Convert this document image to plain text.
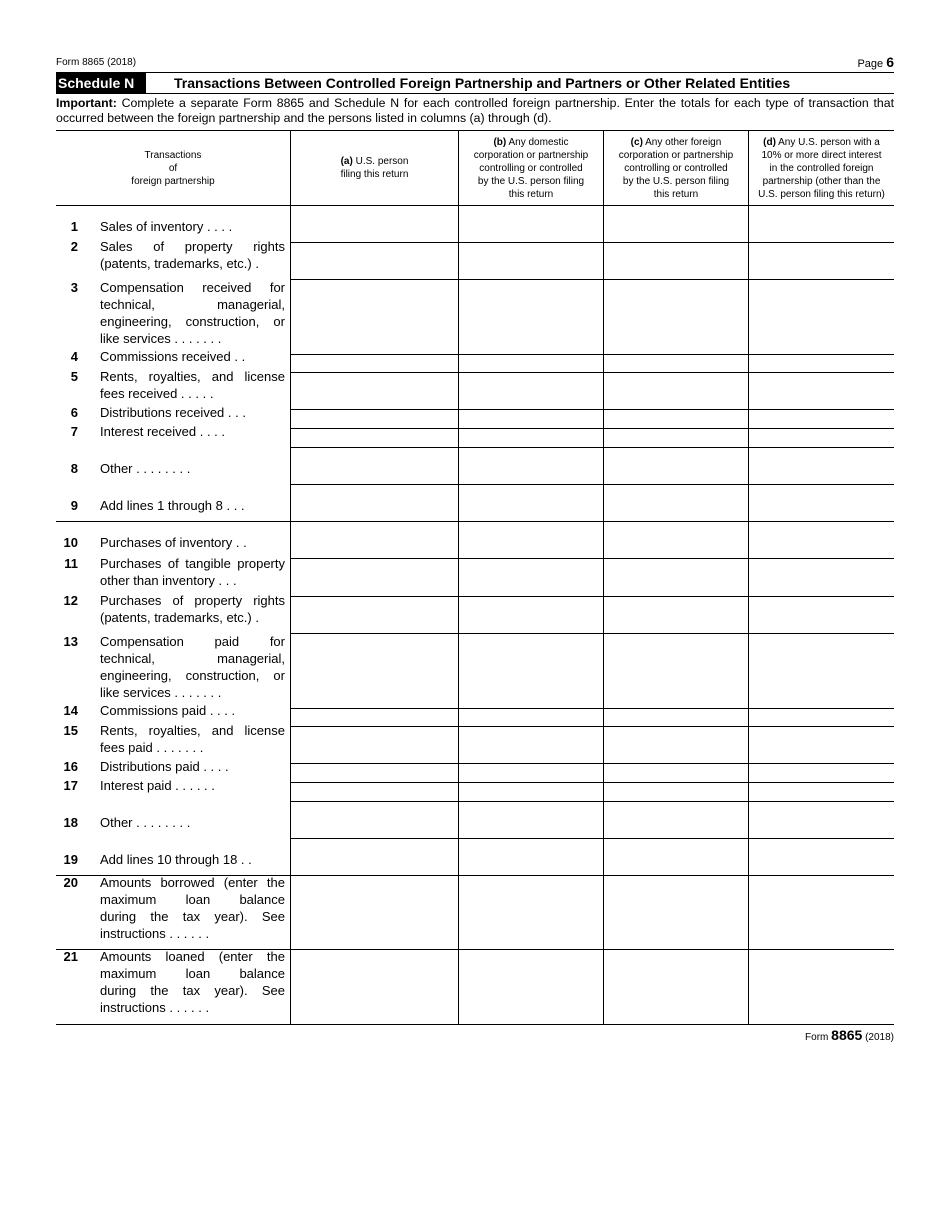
Form 8865 (2018)	Page 6
Schedule N	Transactions Between Controlled Foreign Partnership and Partners or Other Related Entities
Important: Complete a separate Form 8865 and Schedule N for each controlled foreign partnership. Enter the totals for each type of transaction that occurred between the foreign partnership and the persons listed in columns (a) through (d).
Transactions
of
foreign partnership
(a) U.S. person
filing this return
(b) Any domestic
corporation or partnership
controlling or controlled
by the U.S. person filing
this return
(c) Any other foreign
corporation or partnership
controlling or controlled
by the U.S. person filing
this return
(d) Any U.S. person with a
10% or more direct interest
in the controlled foreign
partnership (other than the
U.S. person filing this return)
1 Sales of inventory . . . .
2 Sales of property rights
(patents, trademarks, etc.) .
3 Compensation received for
technical, managerial,
engineering, construction, or
like services . . . . . . .
4 Commissions received . .
5 Rents, royalties, and license
fees received . . . . .
6 Distributions received . . .
7 Interest received . . . .
8 Other . . . . . . . .
9 Add lines 1 through 8 . . .
10 Purchases of inventory . .
11 Purchases of tangible property
other than inventory . . .
12 Purchases of property rights
(patents, trademarks, etc.) .
13 Compensation paid for
technical, managerial,
engineering, construction, or
like services . . . . . . .
14 Commissions paid . . . .
15 Rents, royalties, and license
fees paid . . . . . . .
16 Distributions paid . . . .
17 Interest paid . . . . . .
18 Other . . . . . . . .
19 Add lines 10 through 18 . .
20 Amounts borrowed (enter the
maximum loan balance
during the tax year). See
instructions . . . . . .
21 Amounts loaned (enter the
maximum loan balance
during the tax year). See
instructions . . . . . .
Form 8865 (2018)
